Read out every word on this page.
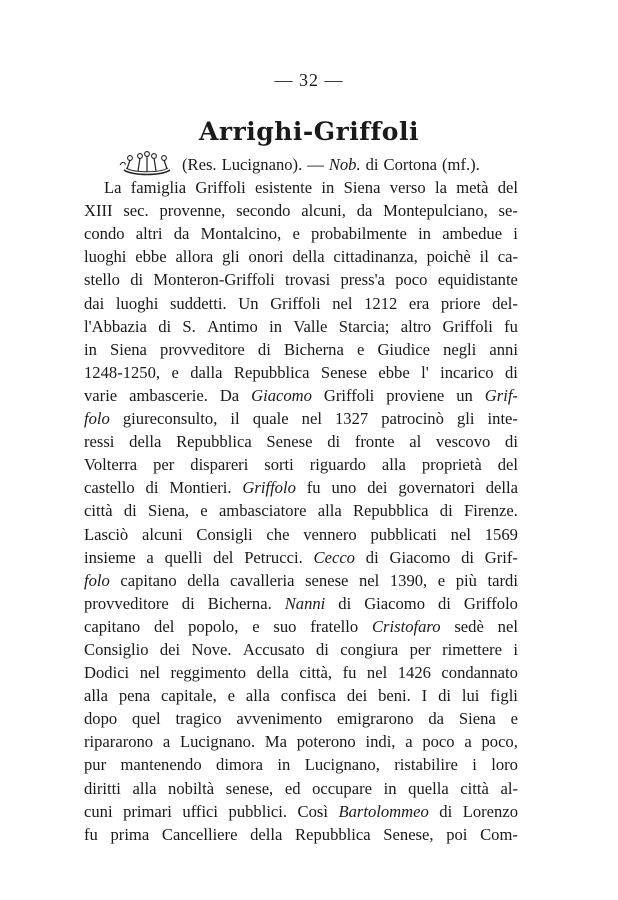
— 32 —
Arrighi-Griffoli
(Res. Lucignano). — Nob. di Cortona (mf.).
La famiglia Griffoli esistente in Siena verso la metà del
XIII sec. provenne, secondo alcuni, da Montepulciano, se-
condo altri da Montalcino, e probabilmente in ambedue i
luoghi ebbe allora gli onori della cittadinanza, poichè il ca-
stello di Monteron-Griffoli trovasi press'a poco equidistante
dai luoghi suddetti. Un Griffoli nel 1212 era priore del-
l'Abbazia di S. Antimo in Valle Starcia; altro Griffoli fu
in Siena provveditore di Bicherna e Giudice negli anni
1248-1250, e dalla Repubblica Senese ebbe l' incarico di
varie ambascerie. Da Giacomo Griffoli proviene un Grif-
folo giureconsulto, il quale nel 1327 patrocinò gli inte-
ressi della Repubblica Senese di fronte al vescovo di
Volterra per dispareri sorti riguardo alla proprietà del
castello di Montieri. Griffolo fu uno dei governatori della
città di Siena, e ambasciatore alla Repubblica di Firenze.
Lasciò alcuni Consigli che vennero pubblicati nel 1569
insieme a quelli del Petrucci. Cecco di Giacomo di Grif-
folo capitano della cavalleria senese nel 1390, e più tardi
provveditore di Bicherna. Nanni di Giacomo di Griffolo
capitano del popolo, e suo fratello Cristofaro sedè nel
Consiglio dei Nove. Accusato di congiura per rimettere i
Dodici nel reggimento della città, fu nel 1426 condannato
alla pena capitale, e alla confisca dei beni. I di lui figli
dopo quel tragico avvenimento emigrarono da Siena e
ripararono a Lucignano. Ma poterono indi, a poco a poco,
pur mantenendo dimora in Lucignano, ristabilire i loro
diritti alla nobiltà senese, ed occupare in quella città al-
cuni primari uffici pubblici. Così Bartolommeo di Lorenzo
fu prima Cancelliere della Repubblica Senese, poi Com-
